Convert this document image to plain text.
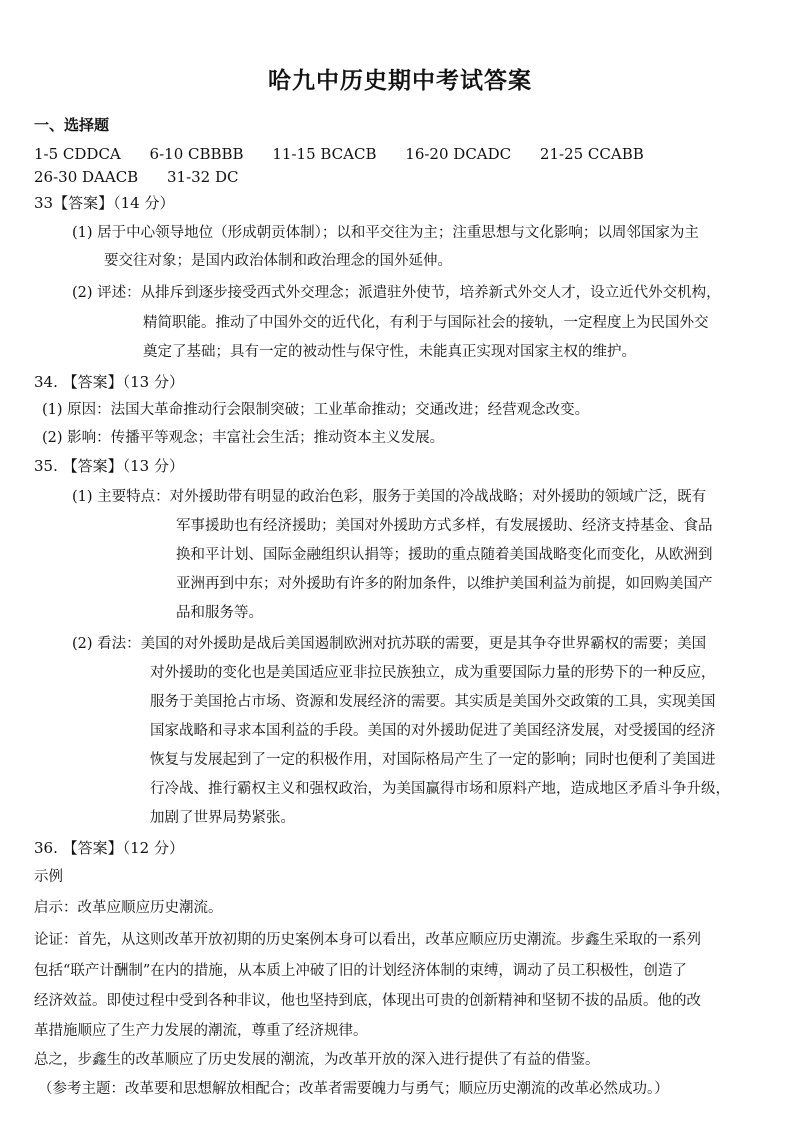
哈九中历史期中考试答案
一、选择题
1-5 CDDCA 6-10 CBBBB 11-15 BCACB 16-20 DCADC 21-25 CCABB
26-30 DAACB 31-32 DC
33【答案】（14 分）
(1) 居于中心领导地位（形成朝贡体制）；以和平交往为主；注重思想与文化影响；以周邻国家为主
要交往对象；是国内政治体制和政治理念的国外延伸。
(2) 评述：从排斥到逐步接受西式外交理念；派遣驻外使节，培养新式外交人才，设立近代外交机构，
精简职能。推动了中国外交的近代化，有利于与国际社会的接轨，一定程度上为民国外交
奠定了基础；具有一定的被动性与保守性，未能真正实现对国家主权的维护。
34. 【答案】（13 分）
(1) 原因：法国大革命推动行会限制突破；工业革命推动；交通改进；经营观念改变。
(2) 影响：传播平等观念；丰富社会生活；推动资本主义发展。
35. 【答案】（13 分）
(1) 主要特点：对外援助带有明显的政治色彩，服务于美国的冷战战略；对外援助的领域广泛，既有
军事援助也有经济援助；美国对外援助方式多样，有发展援助、经济支持基金、食品
换和平计划、国际金融组织认捐等；援助的重点随着美国战略变化而变化，从欧洲到
亚洲再到中东；对外援助有许多的附加条件，以维护美国利益为前提，如回购美国产
品和服务等。
(2) 看法：美国的对外援助是战后美国遏制欧洲对抗苏联的需要，更是其争夺世界霸权的需要；美国
对外援助的变化也是美国适应亚非拉民族独立，成为重要国际力量的形势下的一种反应，
服务于美国抢占市场、资源和发展经济的需要。其实质是美国外交政策的工具，实现美国
国家战略和寻求本国利益的手段。美国的对外援助促进了美国经济发展，对受援国的经济
恢复与发展起到了一定的积极作用，对国际格局产生了一定的影响；同时也便利了美国进
行冷战、推行霸权主义和强权政治，为美国赢得市场和原料产地，造成地区矛盾斗争升级，
加剧了世界局势紧张。
36. 【答案】（12 分）
示例
启示：改革应顺应历史潮流。
论证：首先，从这则改革开放初期的历史案例本身可以看出，改革应顺应历史潮流。步鑫生采取的一系列
包括“联产计酬制”在内的措施，从本质上冲破了旧的计划经济体制的束缚，调动了员工积极性，创造了
经济效益。即使过程中受到各种非议，他也坚持到底，体现出可贵的创新精神和坚韧不拔的品质。他的改
革措施顺应了生产力发展的潮流，尊重了经济规律。
总之，步鑫生的改革顺应了历史发展的潮流，为改革开放的深入进行提供了有益的借鉴。
（参考主题：改革要和思想解放相配合；改革者需要魄力与勇气；顺应历史潮流的改革必然成功。）
